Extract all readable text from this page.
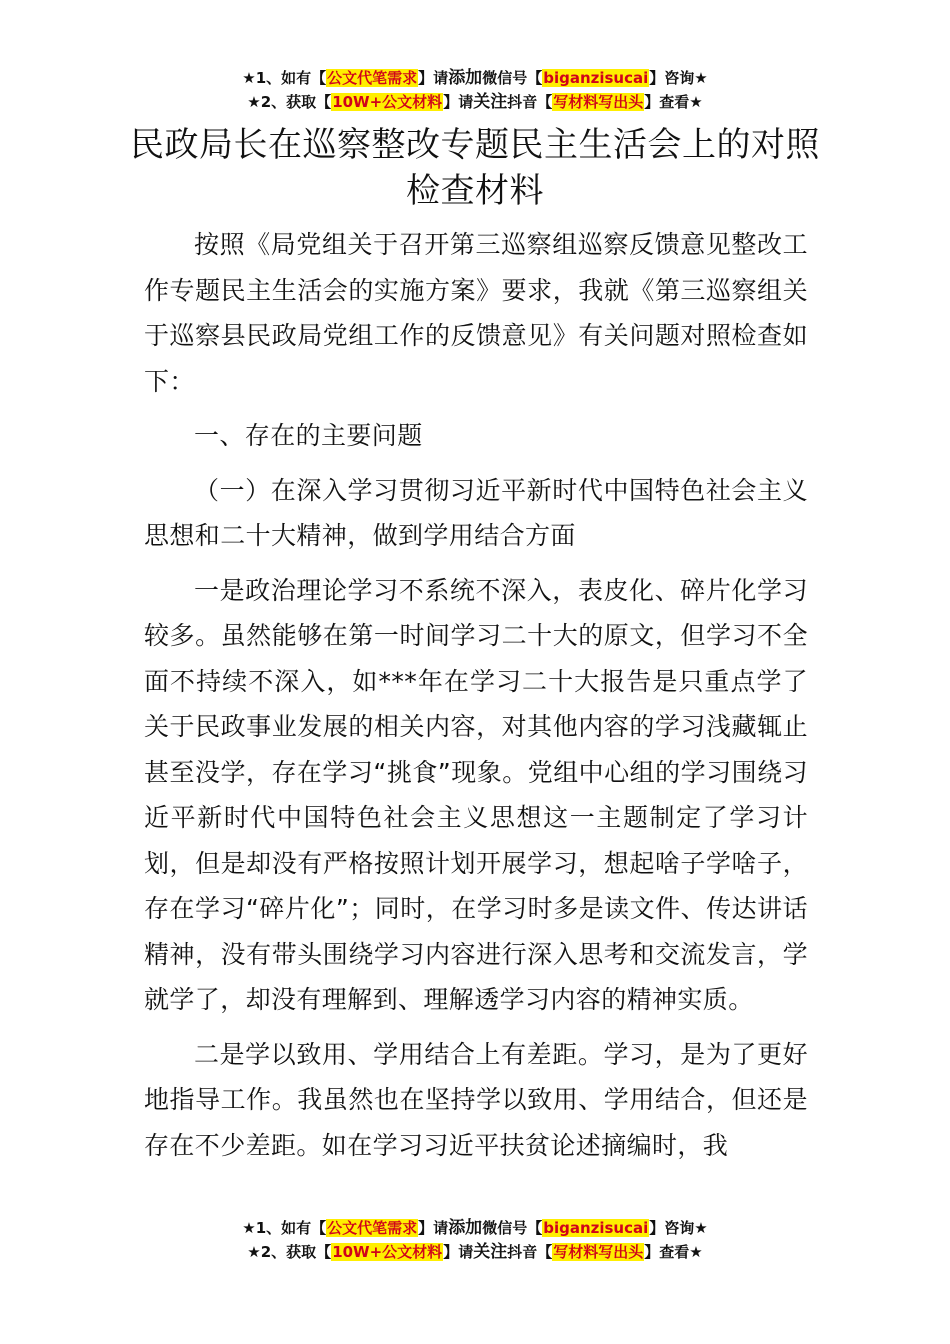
★1、如有【公文代笔需求】请添加微信号【biganzisucai】咨询★
★2、获取【10W+公文材料】请关注抖音【写材料写出头】查看★
民政局长在巡察整改专题民主生活会上的对照检查材料

按照《局党组关于召开第三巡察组巡察反馈意见整改工作专题民主生活会的实施方案》要求，我就《第三巡察组关于巡察县民政局党组工作的反馈意见》有关问题对照检查如下：

一、存在的主要问题

（一）在深入学习贯彻习近平新时代中国特色社会主义思想和二十大精神，做到学用结合方面

一是政治理论学习不系统不深入，表皮化、碎片化学习较多。虽然能够在第一时间学习二十大的原文，但学习不全面不持续不深入，如***年在学习二十大报告是只重点学了关于民政事业发展的相关内容，对其他内容的学习浅藏辄止甚至没学，存在学习“挑食”现象。党组中心组的学习围绕习近平新时代中国特色社会主义思想这一主题制定了学习计划，但是却没有严格按照计划开展学习，想起啥子学啥子，存在学习“碎片化”；同时，在学习时多是读文件、传达讲话精神，没有带头围绕学习内容进行深入思考和交流发言，学就学了，却没有理解到、理解透学习内容的精神实质。

二是学以致用、学用结合上有差距。学习，是为了更好地指导工作。我虽然也在坚持学以致用、学用结合，但还是存在不少差距。如在学习习近平扶贫论述摘编时，我

★1、如有【公文代笔需求】请添加微信号【biganzisucai】咨询★
★2、获取【10W+公文材料】请关注抖音【写材料写出头】查看★
